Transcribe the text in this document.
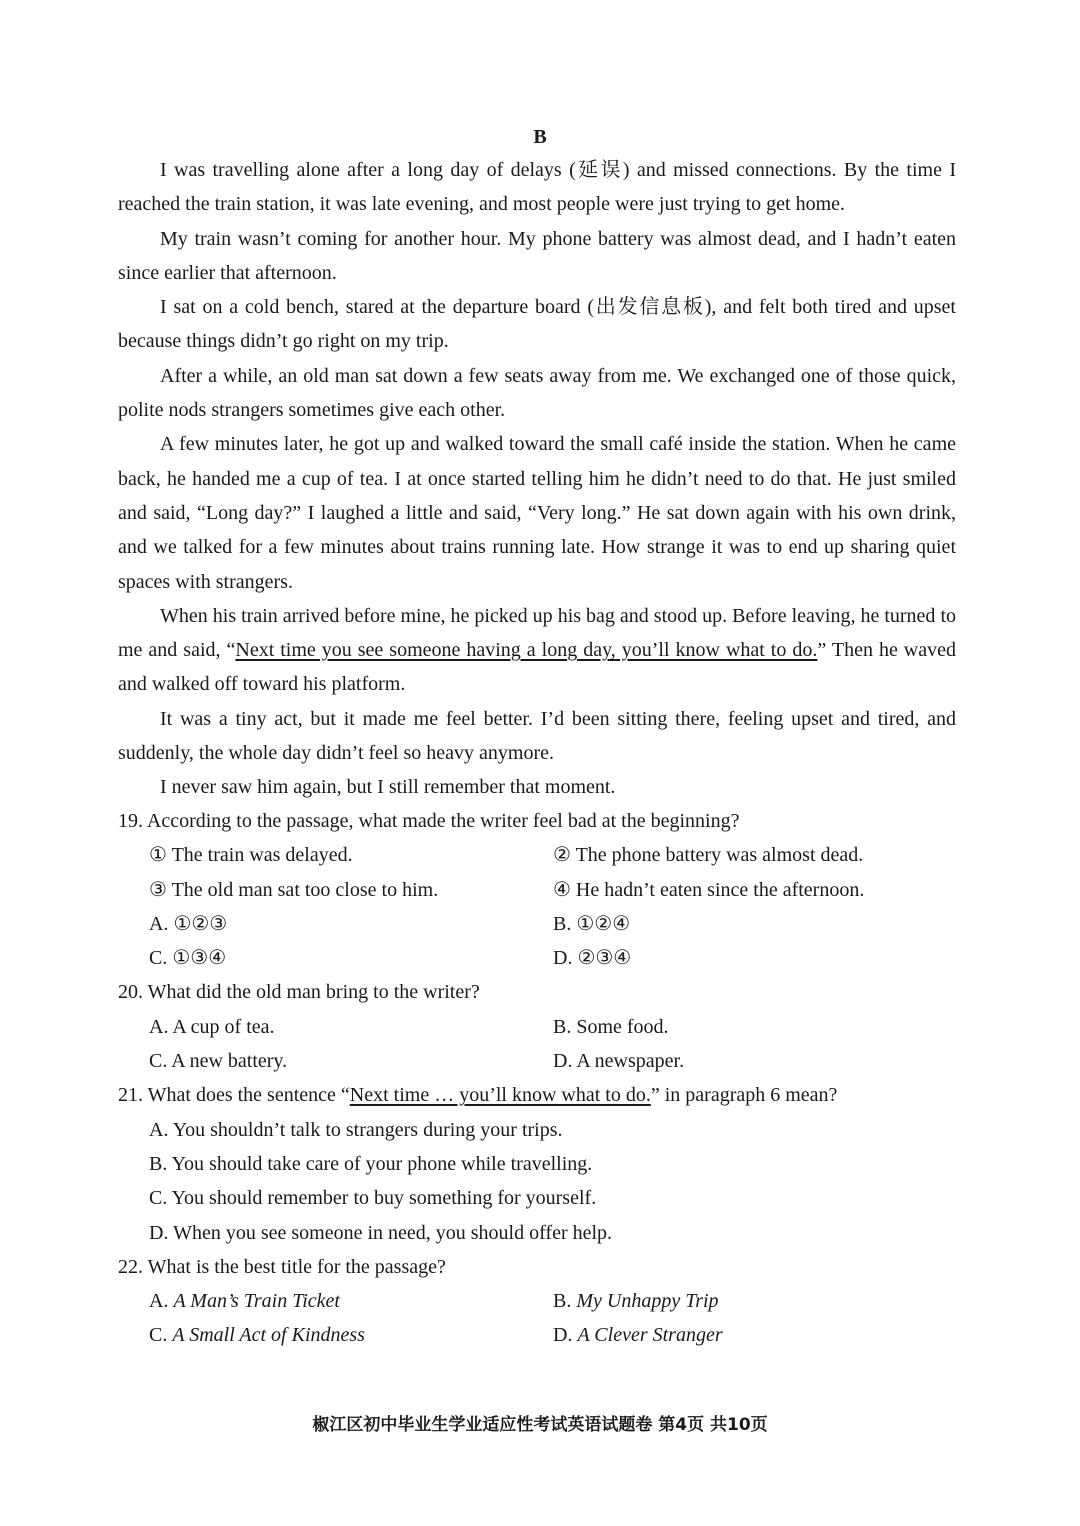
B

I was travelling alone after a long day of delays (延误) and missed connections. By the time I reached the train station, it was late evening, and most people were just trying to get home.

My train wasn’t coming for another hour. My phone battery was almost dead, and I hadn’t eaten since earlier that afternoon.

I sat on a cold bench, stared at the departure board (出发信息板), and felt both tired and upset because things didn’t go right on my trip.

After a while, an old man sat down a few seats away from me. We exchanged one of those quick, polite nods strangers sometimes give each other.

A few minutes later, he got up and walked toward the small café inside the station. When he came back, he handed me a cup of tea. I at once started telling him he didn’t need to do that. He just smiled and said, “Long day?” I laughed a little and said, “Very long.” He sat down again with his own drink, and we talked for a few minutes about trains running late. How strange it was to end up sharing quiet spaces with strangers.

When his train arrived before mine, he picked up his bag and stood up. Before leaving, he turned to me and said, “Next time you see someone having a long day, you’ll know what to do.” Then he waved and walked off toward his platform.

It was a tiny act, but it made me feel better. I’d been sitting there, feeling upset and tired, and suddenly, the whole day didn’t feel so heavy anymore.

I never saw him again, but I still remember that moment.

19. According to the passage, what made the writer feel bad at the beginning?

① The train was delayed.	② The phone battery was almost dead.
③ The old man sat too close to him.	④ He hadn’t eaten since the afternoon.
A. ①②③	B. ①②④
C. ①③④	D. ②③④

20. What did the old man bring to the writer?

A. A cup of tea.	B. Some food.
C. A new battery.	D. A newspaper.

21. What does the sentence “Next time … you’ll know what to do.” in paragraph 6 mean?

A. You shouldn’t talk to strangers during your trips.

B. You should take care of your phone while travelling.

C. You should remember to buy something for yourself.

D. When you see someone in need, you should offer help.

22. What is the best title for the passage?

A. A Man’s Train Ticket	B. My Unhappy Trip
C. A Small Act of Kindness	D. A Clever Stranger
椒江区初中毕业生学业适应性考试英语试题卷 第4页 共10页
